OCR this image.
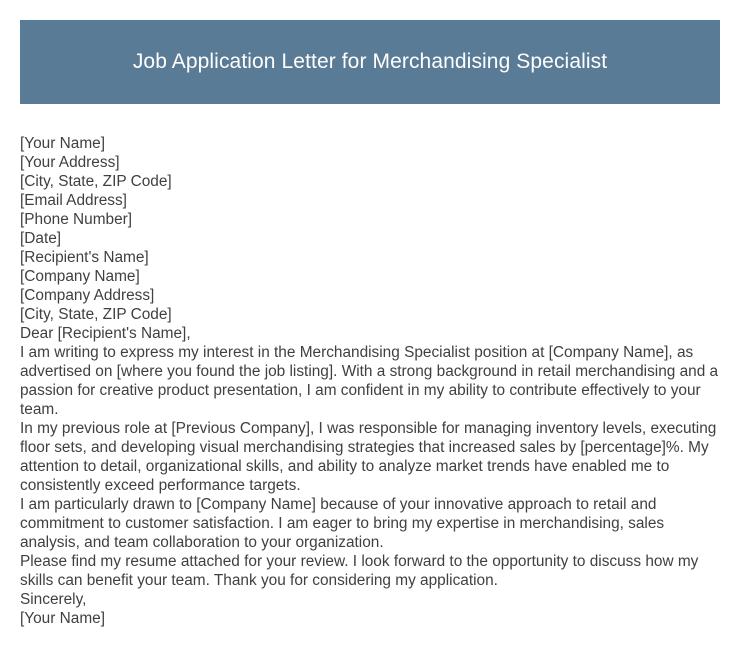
Job Application Letter for Merchandising Specialist
[Your Name]
[Your Address]
[City, State, ZIP Code]
[Email Address]
[Phone Number]
[Date]
[Recipient's Name]
[Company Name]
[Company Address]
[City, State, ZIP Code]
Dear [Recipient's Name],
I am writing to express my interest in the Merchandising Specialist position at [Company Name], as advertised on [where you found the job listing]. With a strong background in retail merchandising and a passion for creative product presentation, I am confident in my ability to contribute effectively to your team.
In my previous role at [Previous Company], I was responsible for managing inventory levels, executing floor sets, and developing visual merchandising strategies that increased sales by [percentage]%. My attention to detail, organizational skills, and ability to analyze market trends have enabled me to consistently exceed performance targets.
I am particularly drawn to [Company Name] because of your innovative approach to retail and commitment to customer satisfaction. I am eager to bring my expertise in merchandising, sales analysis, and team collaboration to your organization.
Please find my resume attached for your review. I look forward to the opportunity to discuss how my skills can benefit your team. Thank you for considering my application.
Sincerely,
[Your Name]
